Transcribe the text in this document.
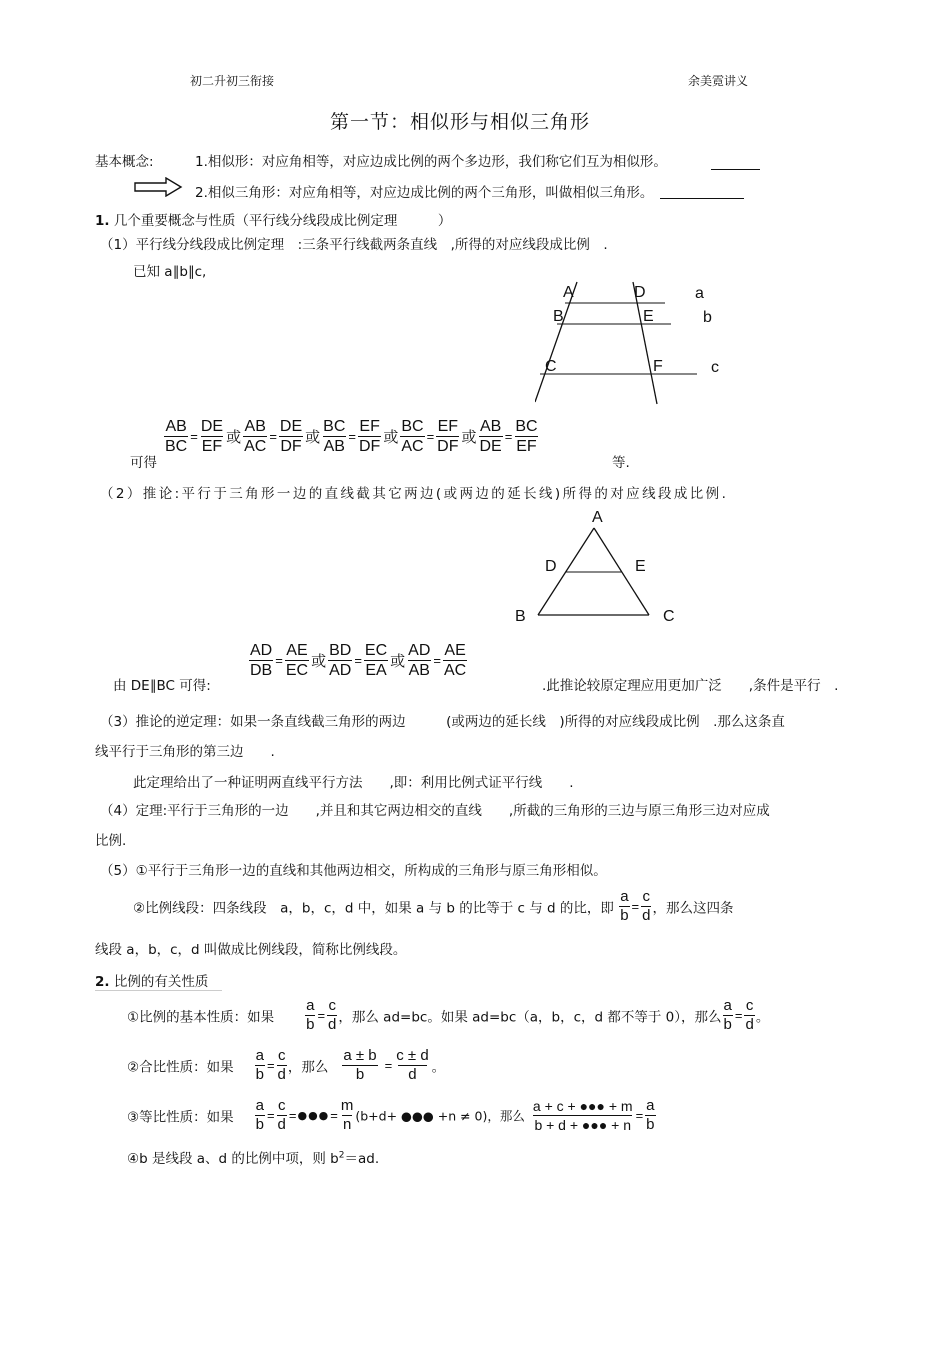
初二升初三衔接	余美霓讲义
第一节：相似形与相似三角形
基本概念:	1.相似形：对应角相等，对应边成比例的两个多边形，我们称它们互为相似形。
2.相似三角形：对应角相等，对应边成比例的两个三角形，叫做相似三角形。
1. 几个重要概念与性质（平行线分线段成比例定理　　　）
（1）平行线分线段成比例定理　:三条平行线截两条直线　,所得的对应线段成比例　.
已知 a∥b∥c,
A	D	a
B	E	b
C	F	c
可得
$\frac{AB}{BC} = \frac{DE}{EF}$ 或 $\frac{AB}{AC} = \frac{DE}{DF}$ 或 $\frac{BC}{AB} = \frac{EF}{DF}$ 或 $\frac{BC}{AC} = \frac{EF}{DF}$ 或 $\frac{AB}{DE} = \frac{BC}{EF}$
等.
（2）推论:平行于三角形一边的直线截其它两边(或两边的延长线)所得的对应线段成比例.
A
D	E
B	C
由 DE∥BC 可得:
$\frac{AD}{DB} = \frac{AE}{EC}$ 或 $\frac{BD}{AD} = \frac{EC}{EA}$ 或 $\frac{AD}{AB} = \frac{AE}{AC}$
.此推论较原定理应用更加广泛　　,条件是平行　.
（3）推论的逆定理：如果一条直线截三角形的两边　　　(或两边的延长线　)所得的对应线段成比例　.那么这条直
线平行于三角形的第三边　　.
此定理给出了一种证明两直线平行方法　　,即：利用比例式证平行线　　.
（4）定理:平行于三角形的一边　　,并且和其它两边相交的直线　　,所截的三角形的三边与原三角形三边对应成
比例.
（5）①平行于三角形一边的直线和其他两边相交，所构成的三角形与原三角形相似。
②比例线段：四条线段　a，b，c，d 中，如果 a 与 b 的比等于 c 与 d 的比，即 $\frac{a}{b} = \frac{c}{d}$ ，那么这四条
线段 a，b，c，d 叫做成比例线段，简称比例线段。
2. 比例的有关性质
①比例的基本性质：如果 $\frac{a}{b} = \frac{c}{d}$ ，那么 ad=bc。如果 ad=bc（a，b，c，d 都不等于 0），那么 $\frac{a}{b} = \frac{c}{d}$ 。
②合比性质：如果 $\frac{a}{b} = \frac{c}{d}$ ，那么 $\frac{a \pm b}{b} = \frac{c \pm d}{d}$ 。
③等比性质：如果 $\frac{a}{b} = \frac{c}{d}$ =●●●= $\frac{m}{n} (b+d+$ ●●● +n ≠ 0)，那么 $\frac{a + c + ●●● + m}{b + d + ●●● + n} = \frac{a}{b}$
④b 是线段 a、d 的比例中项，则 $b^2=ad$.
